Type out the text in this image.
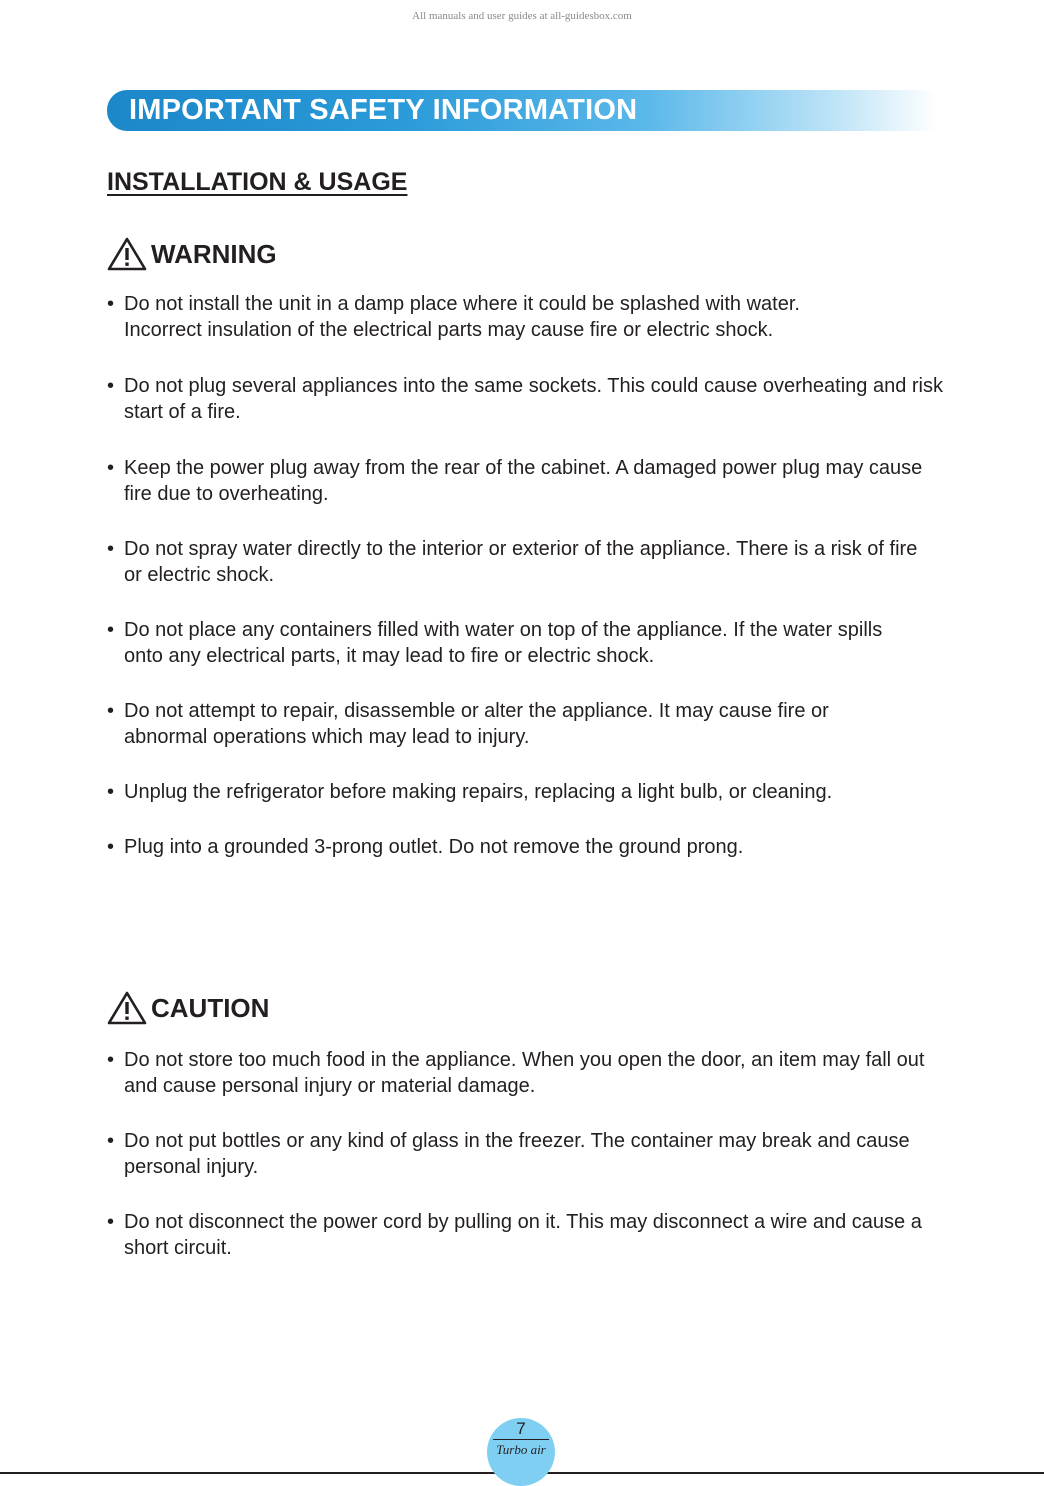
All manuals and user guides at all-guidesbox.com
IMPORTANT SAFETY INFORMATION
INSTALLATION & USAGE
WARNING
• Do not install the unit in a damp place where it could be splashed with water. Incorrect insulation of the electrical parts may cause fire or electric shock.
• Do not plug several appliances into the same sockets. This could cause overheating and risk start of a fire.
• Keep the power plug away from the rear of the cabinet. A damaged power plug may cause fire due to overheating.
• Do not spray water directly to the interior or exterior of the appliance. There is a risk of fire or electric shock.
• Do not place any containers filled with water on top of the appliance. If the water spills onto any electrical parts, it may lead to fire or electric shock.
• Do not attempt to repair, disassemble or alter the appliance. It may cause fire or abnormal operations which may lead to injury.
• Unplug the refrigerator before making repairs, replacing a light bulb, or cleaning.
• Plug into a grounded 3-prong outlet. Do not remove the ground prong.
CAUTION
• Do not store too much food in the appliance. When you open the door, an item may fall out and cause personal injury or material damage.
• Do not put bottles or any kind of glass in the freezer. The container may break and cause personal injury.
• Do not disconnect the power cord by pulling on it. This may disconnect a wire and cause a short circuit.
7
Turbo air
